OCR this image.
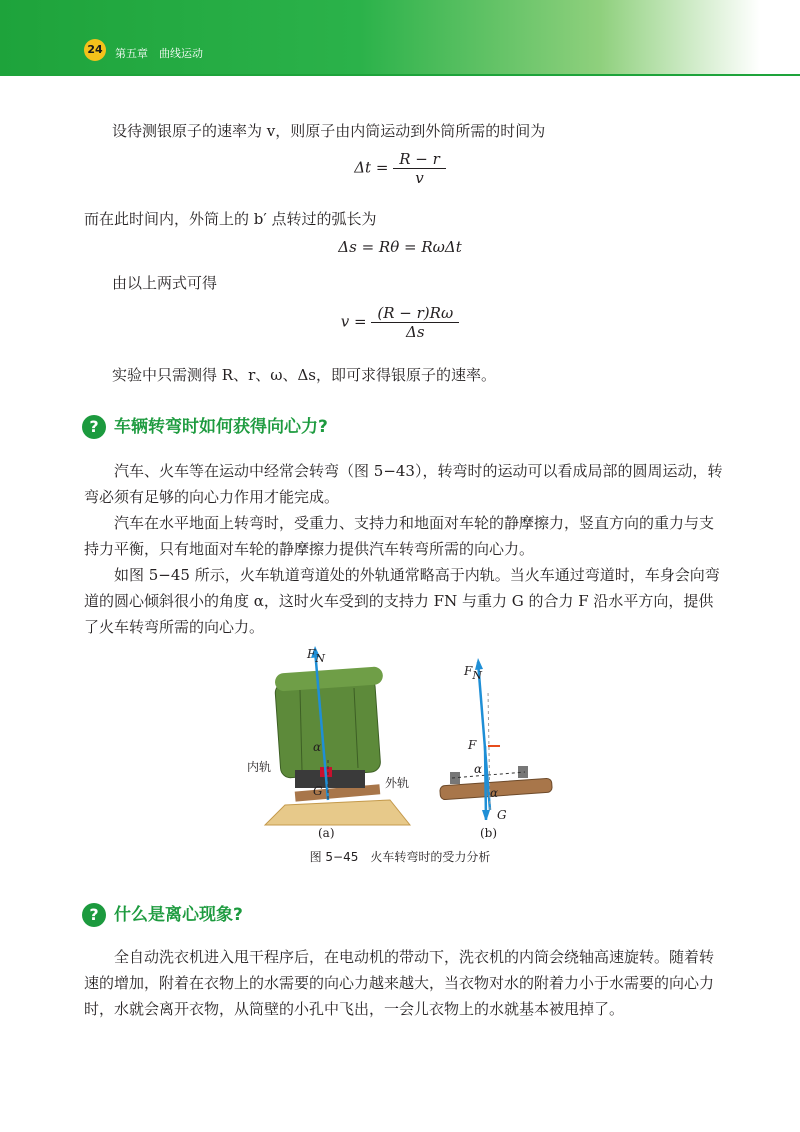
24	第五章　曲线运动

设待测银原子的速率为 v，则原子由内筒运动到外筒所需的时间为

$\Delta t = \frac{R - r}{v}$

而在此时间内，外筒上的 b′ 点转过的弧长为

Δs = Rθ = RωΔt

由以上两式可得

$v = \frac{(R - r)R\omega}{\Delta s}$

实验中只需测得 R、r、ω、Δs，即可求得银原子的速率。

? 车辆转弯时如何获得向心力?

汽车、火车等在运动中经常会转弯（图 5−43），转弯时的运动可以看成局部的圆周运动，转弯必须有足够的向心力作用才能完成。

汽车在水平地面上转弯时，受重力、支持力和地面对车轮的静摩擦力，竖直方向的重力与支持力平衡，只有地面对车轮的静摩擦力提供汽车转弯所需的向心力。

如图 5−45 所示，火车轨道弯道处的外轨通常略高于内轨。当火车通过弯道时，车身会向弯道的圆心倾斜很小的角度 α，这时火车受到的支持力 FN 与重力 G 的合力 F 沿水平方向，提供了火车转弯所需的向心力。

FN
α
G
内轨
外轨
(a)
FN
F
α
α
G
(b)
图 5−45　火车转弯时的受力分析
? 什么是离心现象?

全自动洗衣机进入甩干程序后，在电动机的带动下，洗衣机的内筒会绕轴高速旋转。随着转速的增加，附着在衣物上的水需要的向心力越来越大，当衣物对水的附着力小于水需要的向心力时，水就会离开衣物，从筒壁的小孔中飞出，一会儿衣物上的水就基本被甩掉了。
